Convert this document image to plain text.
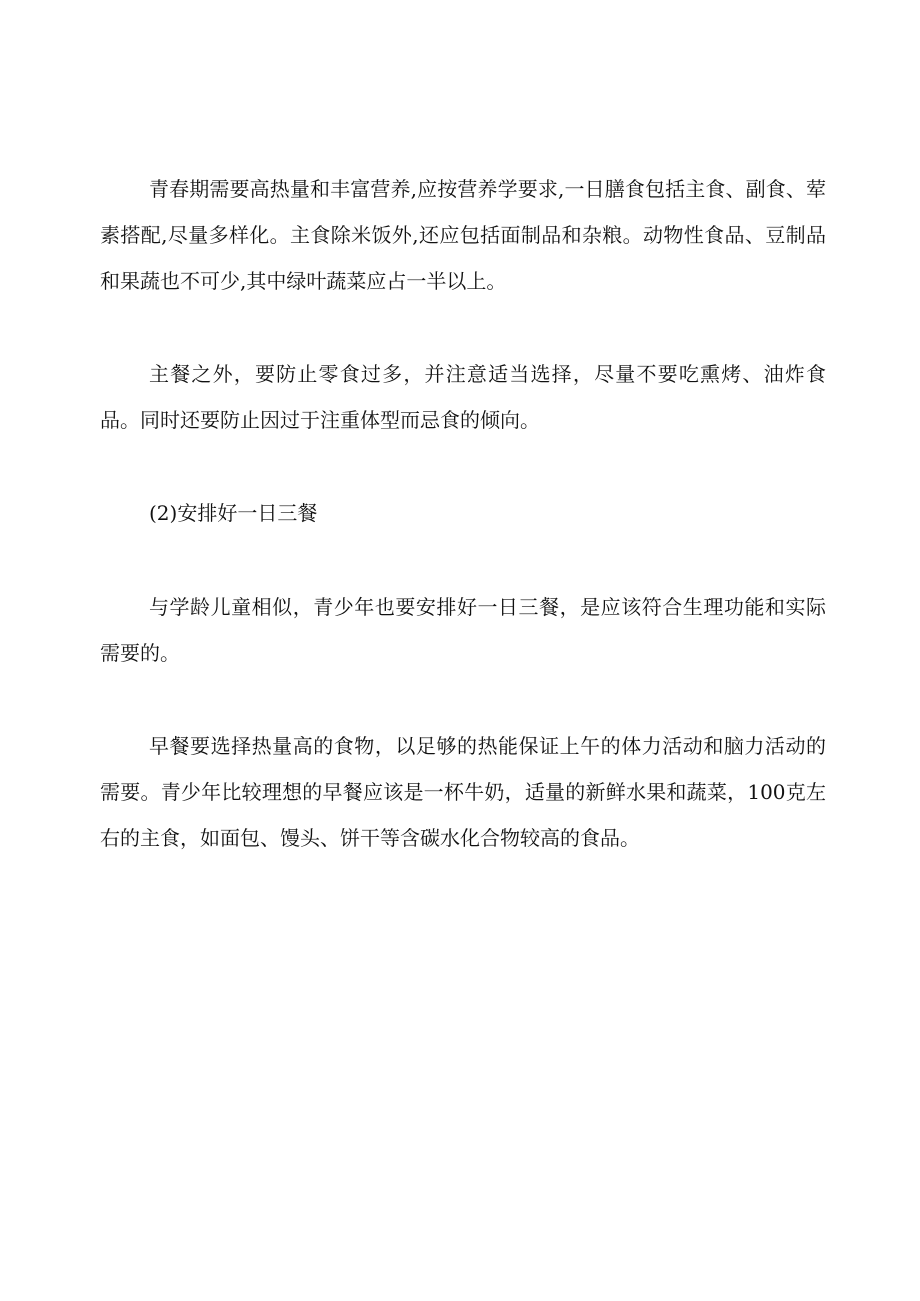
青春期需要高热量和丰富营养,应按营养学要求,一日膳食包括主食、副食、荤素搭配,尽量多样化。主食除米饭外,还应包括面制品和杂粮。动物性食品、豆制品和果蔬也不可少,其中绿叶蔬菜应占一半以上。

主餐之外，要防止零食过多，并注意适当选择，尽量不要吃熏烤、油炸食品。同时还要防止因过于注重体型而忌食的倾向。

(2)安排好一日三餐

与学龄儿童相似，青少年也要安排好一日三餐，是应该符合生理功能和实际需要的。

早餐要选择热量高的食物，以足够的热能保证上午的体力活动和脑力活动的需要。青少年比较理想的早餐应该是一杯牛奶，适量的新鲜水果和蔬菜，100克左右的主食，如面包、馒头、饼干等含碳水化合物较高的食品。
